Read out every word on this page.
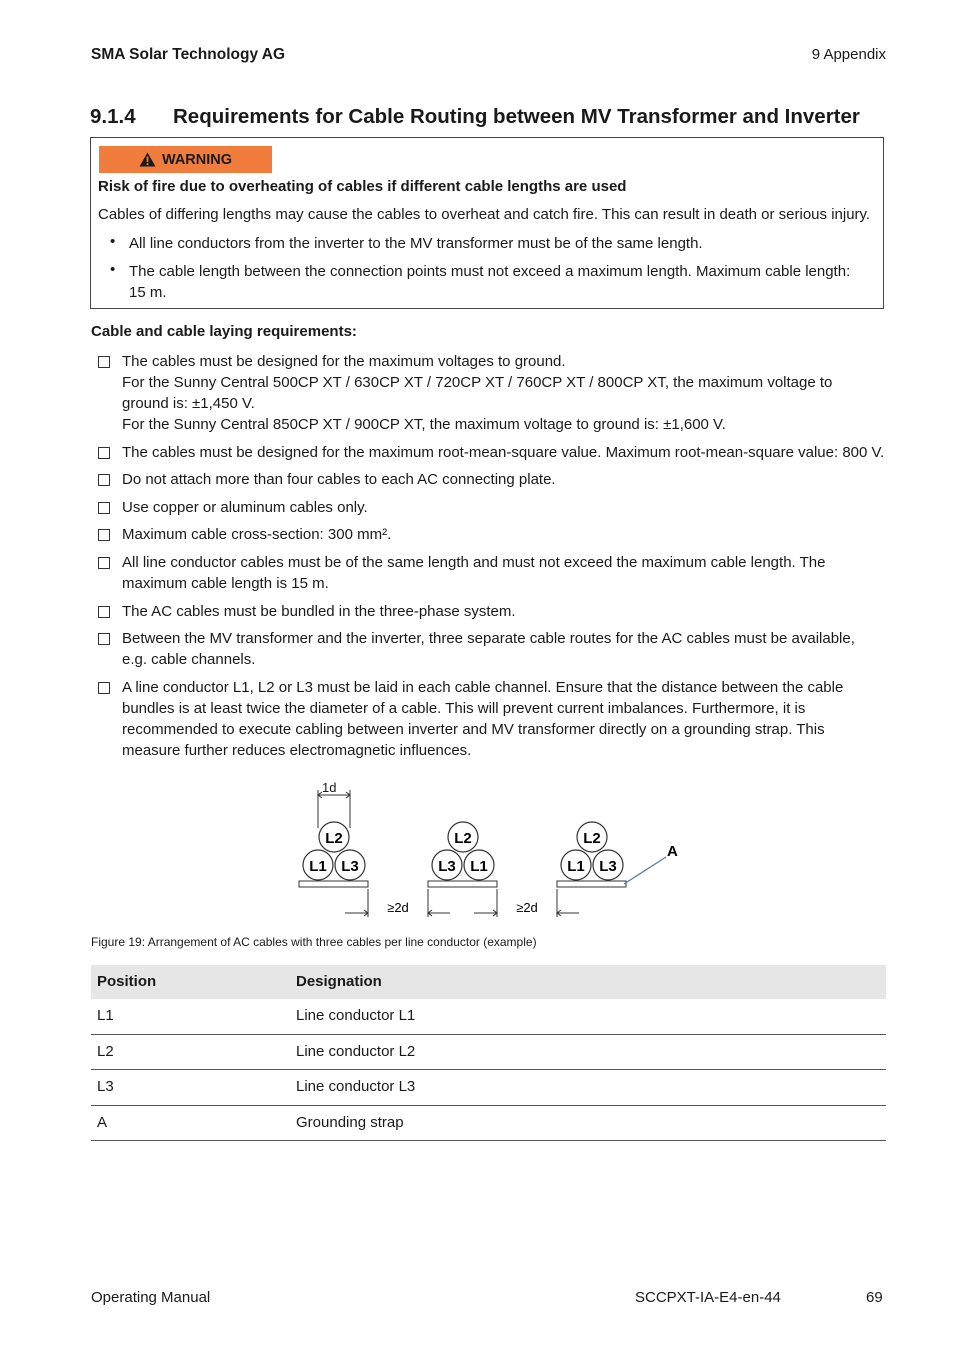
SMA Solar Technology AG	9 Appendix
9.1.4 Requirements for Cable Routing between MV Transformer and Inverter
WARNING
Risk of fire due to overheating of cables if different cable lengths are used
Cables of differing lengths may cause the cables to overheat and catch fire. This can result in death or serious injury.
• All line conductors from the inverter to the MV transformer must be of the same length.
• The cable length between the connection points must not exceed a maximum length. Maximum cable length: 15 m.
Cable and cable laying requirements:
The cables must be designed for the maximum voltages to ground.
For the Sunny Central 500CP XT / 630CP XT / 720CP XT / 760CP XT / 800CP XT, the maximum voltage to
ground is: ±1,450 V.
For the Sunny Central 850CP XT / 900CP XT, the maximum voltage to ground is: ±1,600 V.
The cables must be designed for the maximum root-mean-square value. Maximum root-mean-square value: 800 V.
Do not attach more than four cables to each AC connecting plate.
Use copper or aluminum cables only.
Maximum cable cross-section: 300 mm².
All line conductor cables must be of the same length and must not exceed the maximum cable length. The
maximum cable length is 15 m.
The AC cables must be bundled in the three-phase system.
Between the MV transformer and the inverter, three separate cable routes for the AC cables must be available,
e.g. cable channels.
A line conductor L1, L2 or L3 must be laid in each cable channel. Ensure that the distance between the cable
bundles is at least twice the diameter of a cable. This will prevent current imbalances. Furthermore, it is
recommended to execute cabling between inverter and MV transformer directly on a grounding strap. This
measure further reduces electromagnetic influences.
1d
L2
L1 L3
L2
L3 L1
L2
L1 L3
A
≥2d	≥2d
Figure 19: Arrangement of AC cables with three cables per line conductor (example)
Position	Designation
L1	Line conductor L1
L2	Line conductor L2
L3	Line conductor L3
A	Grounding strap
Operating Manual	SCCPXT-IA-E4-en-44	69
